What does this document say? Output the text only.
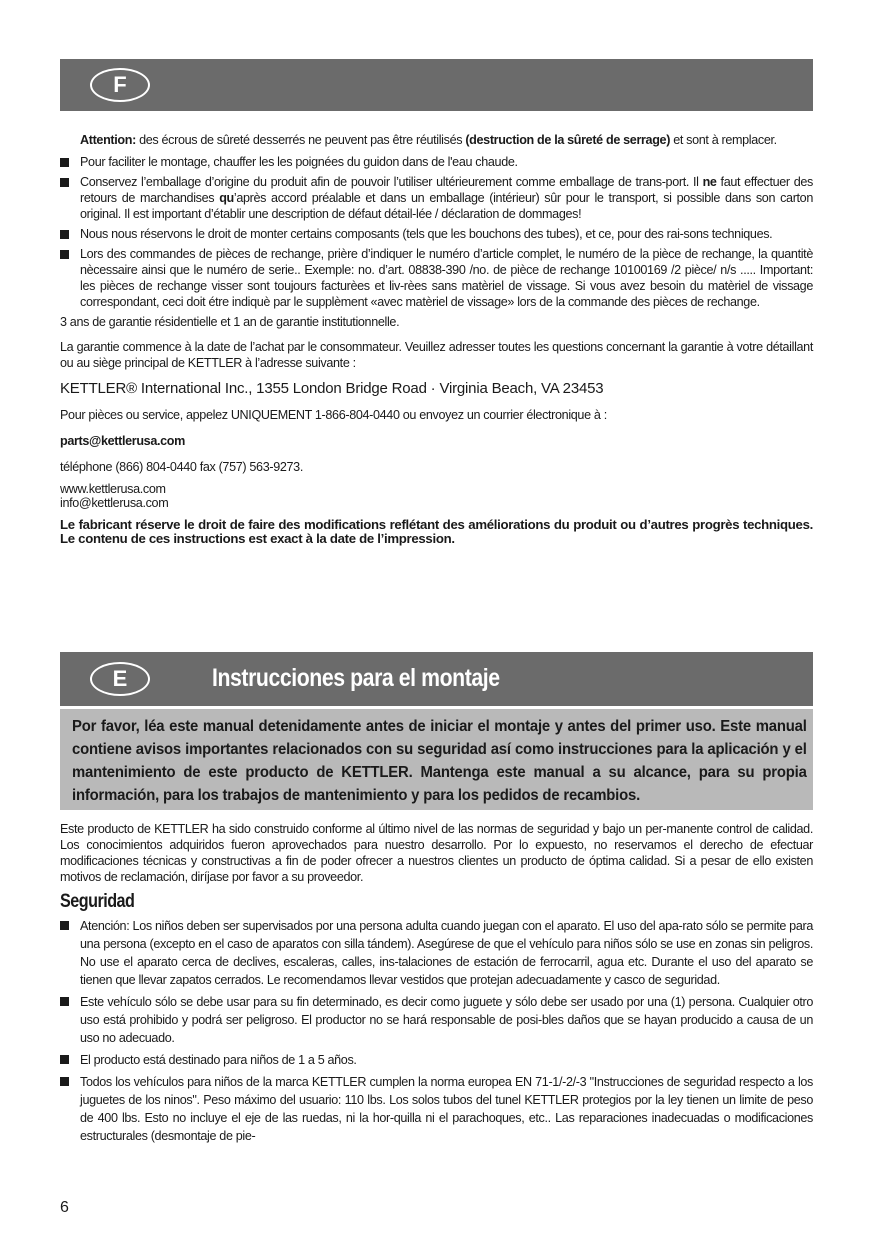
F

Attention: des écrous de sûreté desserrés ne peuvent pas être réutilisés (destruction de la sûreté de serrage) et sont à remplacer.

Pour faciliter le montage, chauffer les les poignées du guidon dans de l'eau chaude.
Conservez l’emballage d’origine du produit afin de pouvoir l’utiliser ultérieurement comme emballage de trans-port. Il ne faut effectuer des retours de marchandises qu’après accord préalable et dans un emballage (intérieur) sûr pour le transport, si possible dans son carton original. Il est important d’établir une description de défaut détail-lée / déclaration de dommages!
Nous nous réservons le droit de monter certains composants (tels que les bouchons des tubes), et ce, pour des rai-sons techniques.
Lors des commandes de pièces de rechange, prière d’indiquer le numéro d’article complet, le numéro de la pièce de rechange, la quantitè nècessaire ainsi que le numéro de serie.. Exemple: no. d’art. 08838-390 /no. de pièce de rechange 10100169 /2 pièce/ n/s ..... Important: les pièces de rechange visser sont toujours facturèes et liv-rèes sans matèriel de vissage. Si vous avez besoin du matèriel de vissage correspondant, ceci doit étre indiquè par le supplèment «avec matèriel de vissage» lors de la commande des pièces de rechange.

3 ans de garantie résidentielle et 1 an de garantie institutionnelle.

La garantie commence à la date de l’achat par le consommateur. Veuillez adresser toutes les questions concernant la garantie à votre détaillant ou au siège principal de KETTLER à l’adresse suivante :

KETTLER® International Inc., 1355 London Bridge Road · Virginia Beach, VA 23453

Pour pièces ou service, appelez UNIQUEMENT 1-866-804-0440 ou envoyez un courrier électronique à :

parts@kettlerusa.com

téléphone (866) 804-0440 fax (757) 563-9273.

www.kettlerusa.com

info@kettlerusa.com

Le fabricant réserve le droit de faire des modifications reflétant des améliorations du produit ou d’autres progrès techniques. Le contenu de ces instructions est exact à la date de l’impression.

E	Instrucciones para el montaje

Por favor, léa este manual detenidamente antes de iniciar el montaje y antes del primer uso. Este manual contiene avisos importantes relacionados con su seguridad así como instrucciones para la aplicación y el mantenimiento de este producto de KETTLER. Mantenga este manual a su alcance, para su propia información, para los trabajos de mantenimiento y para los pedidos de recambios.

Este producto de KETTLER ha sido construido conforme al último nivel de las normas de seguridad y bajo un per-manente control de calidad. Los conocimientos adquiridos fueron aprovechados para nuestro desarrollo. Por lo expuesto, no reservamos el derecho de efectuar modificaciones técnicas y constructivas a fin de poder ofrecer a nuestros clientes un producto de óptima calidad. Si a pesar de ello existen motivos de reclamación, diríjase por favor a su proveedor.

Seguridad
Atención: Los niños deben ser supervisados por una persona adulta cuando juegan con el aparato. El uso del apa-rato sólo se permite para una persona (excepto en el caso de aparatos con silla tándem). Asegúrese de que el vehículo para niños sólo se use en zonas sin peligros. No use el aparato cerca de declives, escaleras, calles, ins-talaciones de estación de ferrocarril, agua etc. Durante el uso del aparato se tienen que llevar zapatos cerrados. Le recomendamos llevar vestidos que protejan adecuadamente y casco de seguridad.
Este vehículo sólo se debe usar para su fin determinado, es decir como juguete y sólo debe ser usado por una (1) persona. Cualquier otro uso está prohibido y podrá ser peligroso. El productor no se hará responsable de posi-bles daños que se hayan producido a causa de un uso no adecuado.
El producto está destinado para niños de 1 a 5 años.
Todos los vehículos para niños de la marca KETTLER cumplen la norma europea EN 71-1/-2/-3 "Instrucciones de seguridad respecto a los juguetes de los ninos". Peso máximo del usuario: 110 lbs. Los solos tubos del tunel KETTLER protegios por la ley tienen un limite de peso de 400 lbs. Esto no incluye el eje de las ruedas, ni la hor-quilla ni el parachoques, etc.. Las reparaciones inadecuadas o modificaciones estructurales (desmontaje de pie-
6
